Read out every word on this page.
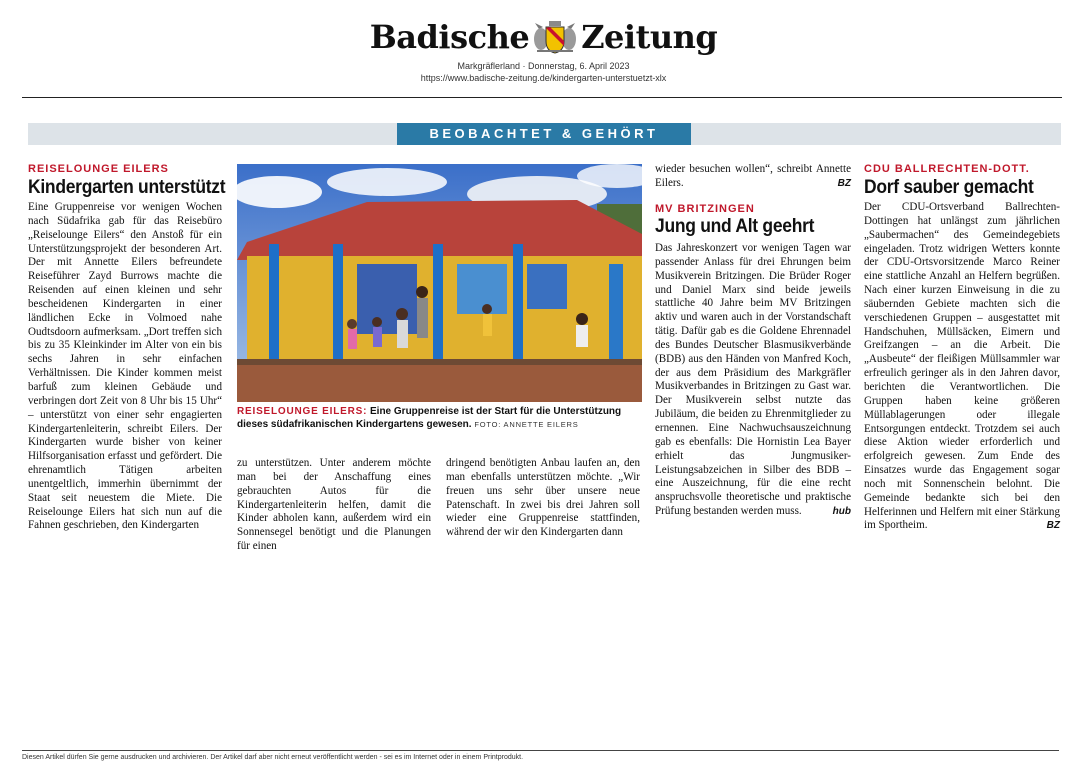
Badische Zeitung
Markgräflerland · Donnerstag, 6. April 2023
https://www.badische-zeitung.de/kindergarten-unterstuetzt-xlx
BEOBACHTET & GEHÖRT
REISELOUNGE EILERS
Kindergarten unterstützt

Eine Gruppenreise vor wenigen Wochen nach Südafrika gab für das Reisebüro „Reiselounge Eilers“ den Anstoß für ein Unterstützungsprojekt der besonderen Art. Der mit Annette Eilers befreundete Reiseführer Zayd Burrows machte die Reisenden auf einen kleinen und sehr bescheidenen Kindergarten in einer ländlichen Ecke in Volmoed nahe Oudtsdoorn aufmerksam. „Dort treffen sich bis zu 35 Kleinkinder im Alter von ein bis sechs Jahren in sehr einfachen Verhältnissen. Die Kinder kommen meist barfuß zum kleinen Gebäude und verbringen dort Zeit von 8 Uhr bis 15 Uhr“ – unterstützt von einer sehr engagierten Kindergartenleiterin, schreibt Eilers. Der Kindergarten wurde bisher von keiner Hilfsorganisation erfasst und gefördert. Die ehrenamtlich Tätigen arbeiten unentgeltlich, immerhin übernimmt der Staat seit neuestem die Miete. Die Reiselounge Eilers hat sich nun auf die Fahnen geschrieben, den Kindergarten

zu unterstützen. Unter anderem möchte man bei der Anschaffung eines gebrauchten Autos für die Kindergartenleiterin helfen, damit die Kinder abholen kann, außerdem wird ein Sonnensegel benötigt und die Planungen für einen

dringend benötigten Anbau laufen an, den man ebenfalls unterstützen möchte. „Wir freuen uns sehr über unsere neue Patenschaft. In zwei bis drei Jahren soll wieder eine Gruppenreise stattfinden, während der wir den Kindergarten dann

wieder besuchen wollen“, schreibt Annette Eilers.	BZ
REISELOUNGE EILERS: Eine Gruppenreise ist der Start für die Unterstützung dieses südafrikanischen Kindergartens gewesen. FOTO: ANNETTE EILERS
MV BRITZINGEN
Jung und Alt geehrt
Das Jahreskonzert vor wenigen Tagen war passender Anlass für drei Ehrungen beim Musikverein Britzingen. Die Brüder Roger und Daniel Marx sind beide jeweils stattliche 40 Jahre beim MV Britzingen aktiv und waren auch in der Vorstandschaft tätig. Dafür gab es die Goldene Ehrennadel des Bundes Deutscher Blasmusikverbände (BDB) aus den Händen von Manfred Koch, der aus dem Präsidium des Markgräfler Musikverbandes in Britzingen zu Gast war. Der Musikverein selbst nutzte das Jubiläum, die beiden zu Ehrenmitglieder zu ernennen. Eine Nachwuchsauszeichnung gab es ebenfalls: Die Hornistin Lea Bayer erhielt das Jungmusiker-Leistungsabzeichen in Silber des BDB – eine Auszeichnung, für die eine recht anspruchsvolle theoretische und praktische Prüfung bestanden werden muss.	hub
CDU BALLRECHTEN-DOTT.
Dorf sauber gemacht
Der CDU-Ortsverband Ballrechten-Dottingen hat unlängst zum jährlichen „Saubermachen“ des Gemeindegebiets eingeladen. Trotz widrigen Wetters konnte der CDU-Ortsvorsitzende Marco Reiner eine stattliche Anzahl an Helfern begrüßen. Nach einer kurzen Einweisung in die zu säubernden Gebiete machten sich die verschiedenen Gruppen – ausgestattet mit Handschuhen, Müllsäcken, Eimern und Greifzangen – an die Arbeit. Die „Ausbeute“ der fleißigen Müllsammler war erfreulich geringer als in den Jahren davor, berichten die Verantwortlichen. Die Gruppen haben keine größeren Müllablagerungen oder illegale Entsorgungen entdeckt. Trotzdem sei auch diese Aktion wieder erforderlich und erfolgreich gewesen. Zum Ende des Einsatzes wurde das Engagement sogar noch mit Sonnenschein belohnt. Die Gemeinde bedankte sich bei den Helferinnen und Helfern mit einer Stärkung im Sportheim.	BZ
Diesen Artikel dürfen Sie gerne ausdrucken und archivieren. Der Artikel darf aber nicht erneut veröffentlicht werden - sei es im Internet oder in einem Printprodukt.
